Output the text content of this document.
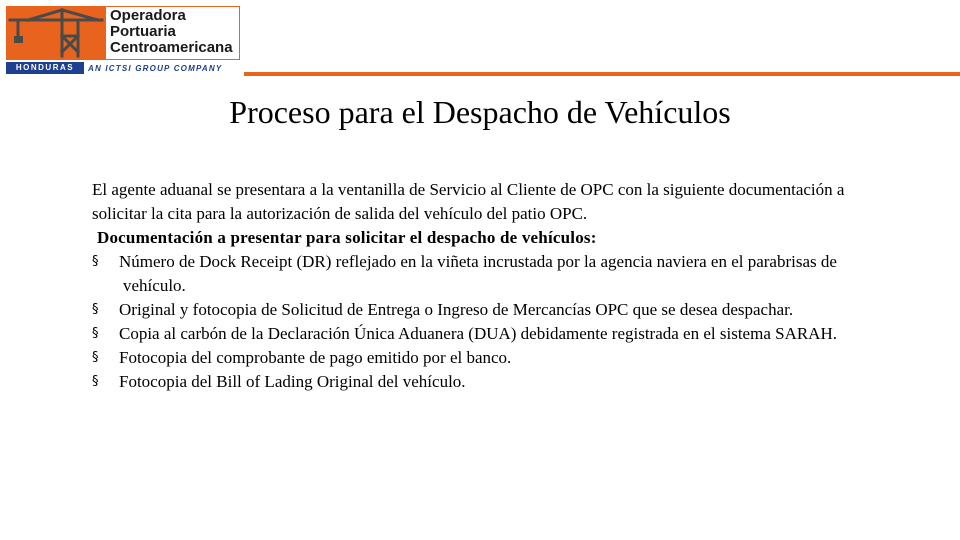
Operadora
Portuaria
Centroamericana
HONDURAS	AN ICTSI GROUP COMPANY
Proceso para el Despacho de Vehículos

El agente aduanal se presentara a la ventanilla de Servicio al Cliente de OPC con la siguiente documentación a solicitar la cita para la autorización de salida del vehículo del patio OPC.

Documentación a presentar para solicitar el despacho de vehículos:

§ Número de Dock Receipt (DR) reflejado en la viñeta incrustada por la agencia naviera en el parabrisas de vehículo.
§ Original y fotocopia de Solicitud de Entrega o Ingreso de Mercancías OPC que se desea despachar.
§ Copia al carbón de la Declaración Única Aduanera (DUA) debidamente registrada en el sistema SARAH.
§ Fotocopia del comprobante de pago emitido por el banco.
§ Fotocopia del Bill of Lading Original del vehículo.
